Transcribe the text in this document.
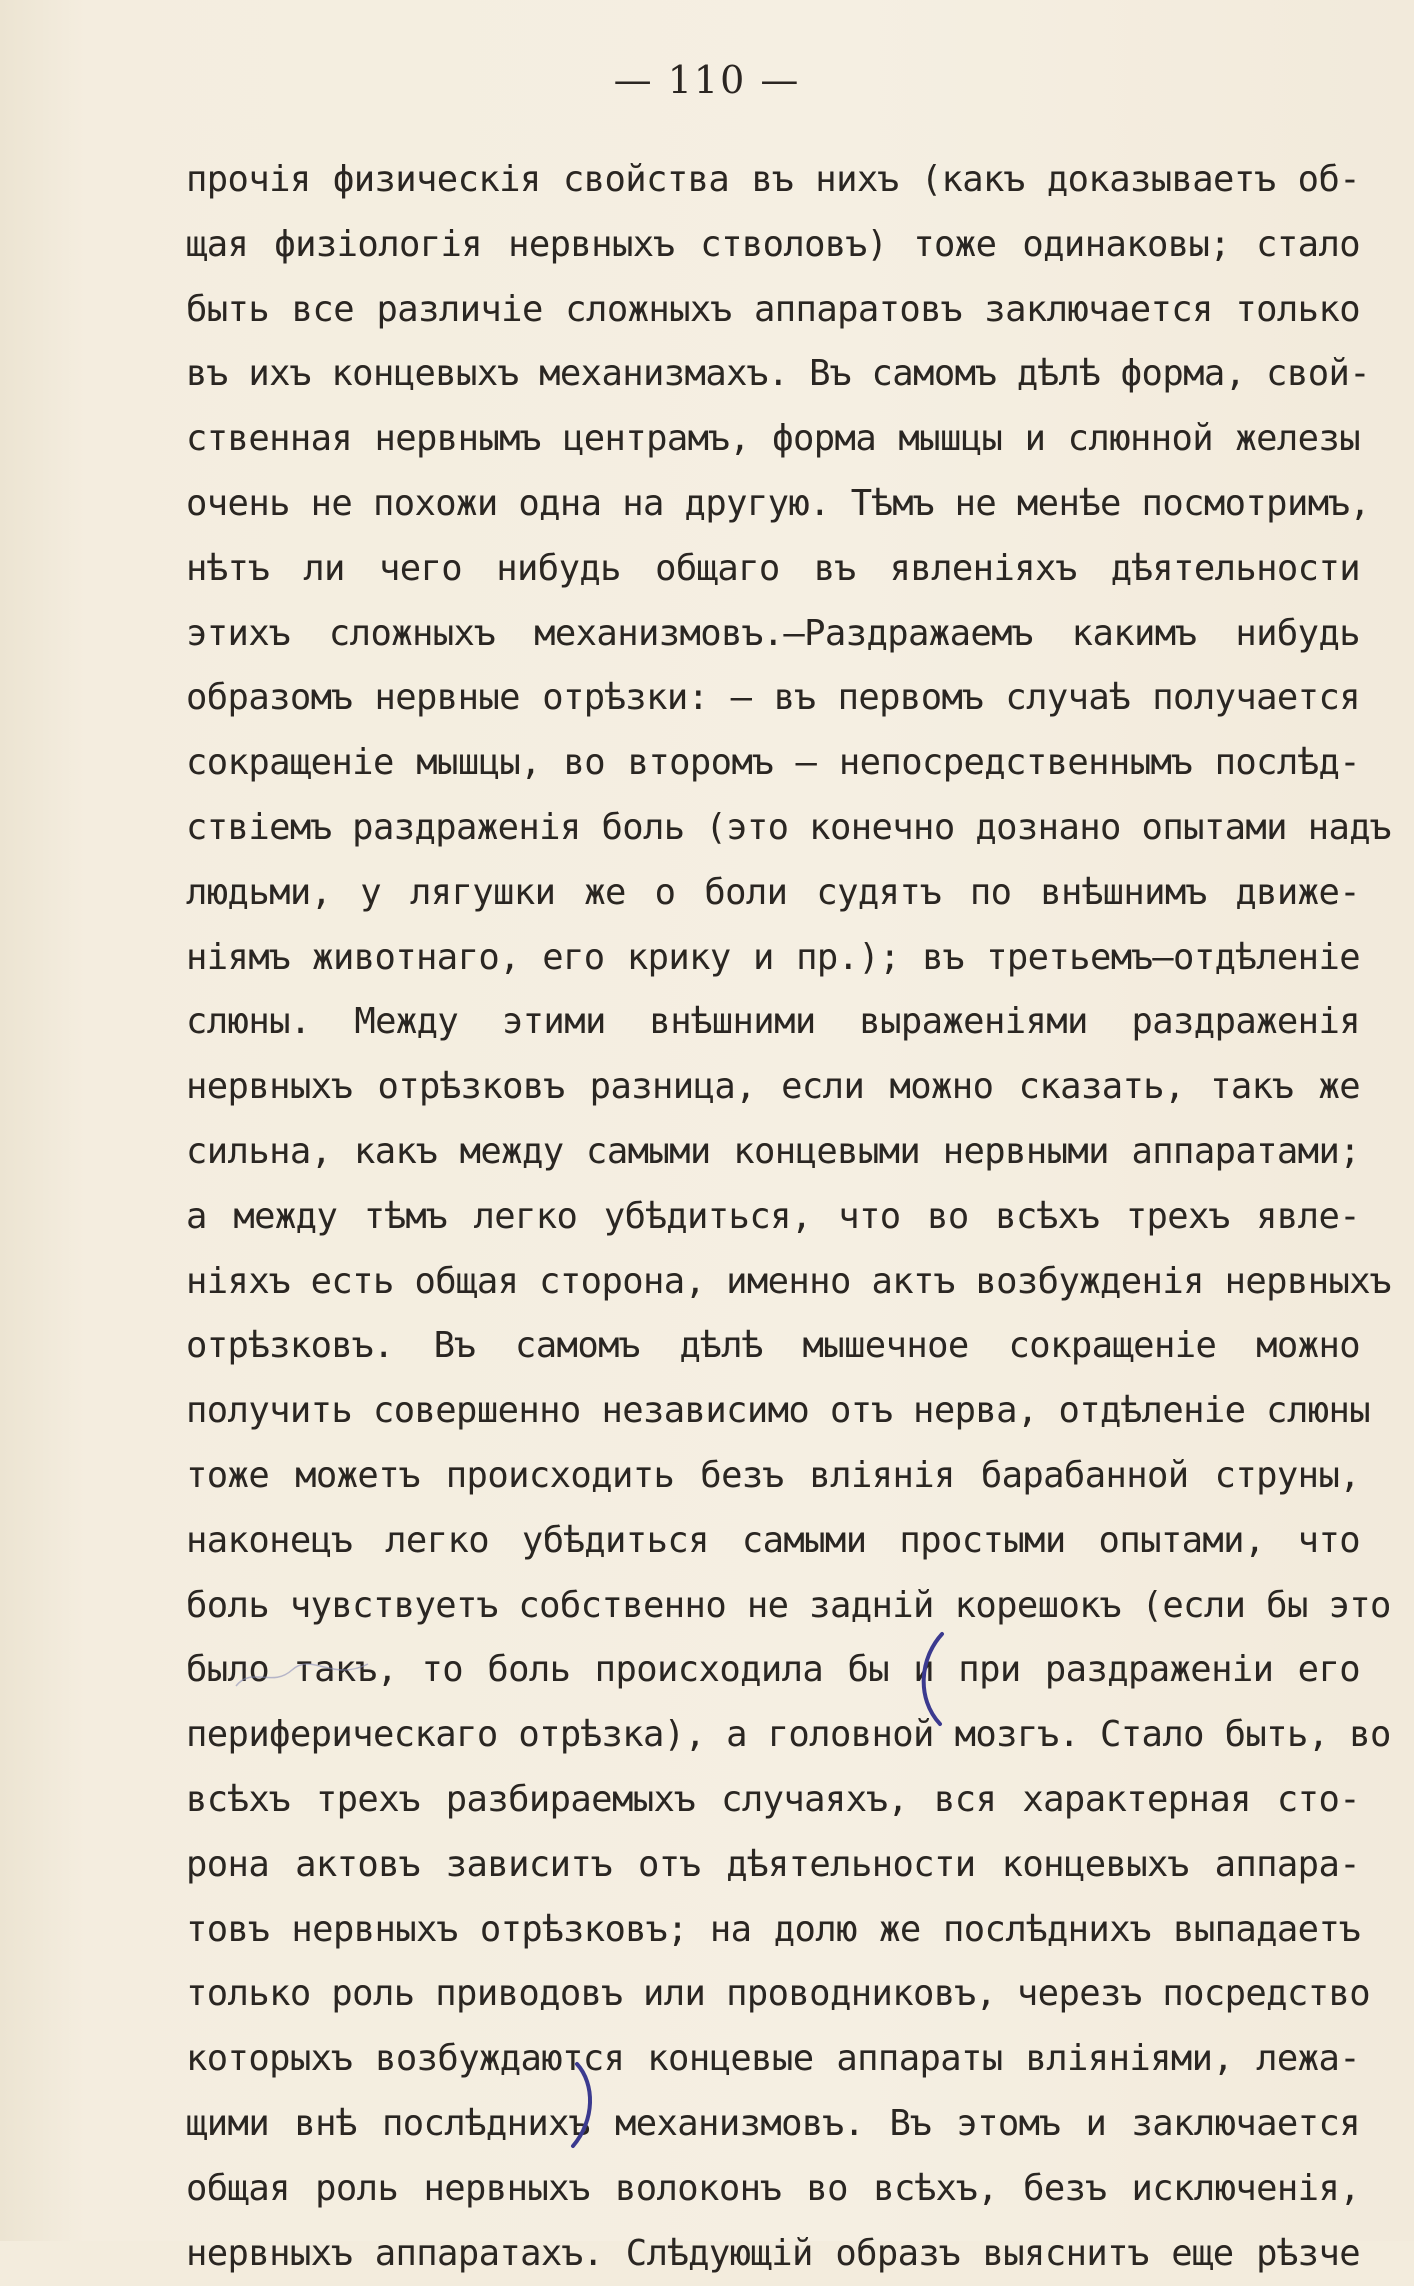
— 110 —
прочія физическія свойства въ нихъ (какъ доказываетъ об-
щая физіологія нервныхъ стволовъ) тоже одинаковы; стало
быть все различіе сложныхъ аппаратовъ заключается только
въ ихъ концевыхъ механизмахъ. Въ самомъ дѣлѣ форма, свой-
ственная нервнымъ центрамъ, форма мышцы и слюнной железы
очень не похожи одна на другую. Тѣмъ не менѣе посмотримъ,
нѣтъ ли чего нибудь общаго въ явленіяхъ дѣятельности
этихъ сложныхъ механизмовъ.—Раздражаемъ какимъ нибудь
образомъ нервные отрѣзки: — въ первомъ случаѣ получается
сокращеніе мышцы, во второмъ — непосредственнымъ послѣд-
ствіемъ раздраженія боль (это конечно дознано опытами надъ
людьми, у лягушки же о боли судятъ по внѣшнимъ движе-
ніямъ животнаго, его крику и пр.); въ третьемъ—отдѣленіе
слюны. Между этими внѣшними выраженіями раздраженія
нервныхъ отрѣзковъ разница, если можно сказать, такъ же
сильна, какъ между самыми концевыми нервными аппаратами;
а между тѣмъ легко убѣдиться, что во всѣхъ трехъ явле-
ніяхъ есть общая сторона, именно актъ возбужденія нервныхъ
отрѣзковъ. Въ самомъ дѣлѣ мышечное сокращеніе можно
получить совершенно независимо отъ нерва, отдѣленіе слюны
тоже можетъ происходить безъ вліянія барабанной струны,
наконецъ легко убѣдиться самыми простыми опытами, что
боль чувствуетъ собственно не задній корешокъ (если бы это
было такъ, то боль происходила бы и при раздраженіи его
периферическаго отрѣзка), а головной мозгъ. Стало быть, во
всѣхъ трехъ разбираемыхъ случаяхъ, вся характерная сто-
рона актовъ зависитъ отъ дѣятельности концевыхъ аппара-
товъ нервныхъ отрѣзковъ; на долю же послѣднихъ выпадаетъ
только роль приводовъ или проводниковъ, черезъ посредство
которыхъ возбуждаются концевые аппараты вліяніями, лежа-
щими внѣ послѣднихъ механизмовъ. Въ этомъ и заключается
общая роль нервныхъ волоконъ во всѣхъ, безъ исключенія,
нервныхъ аппаратахъ. Слѣдующій образъ выяснитъ еще рѣзче
